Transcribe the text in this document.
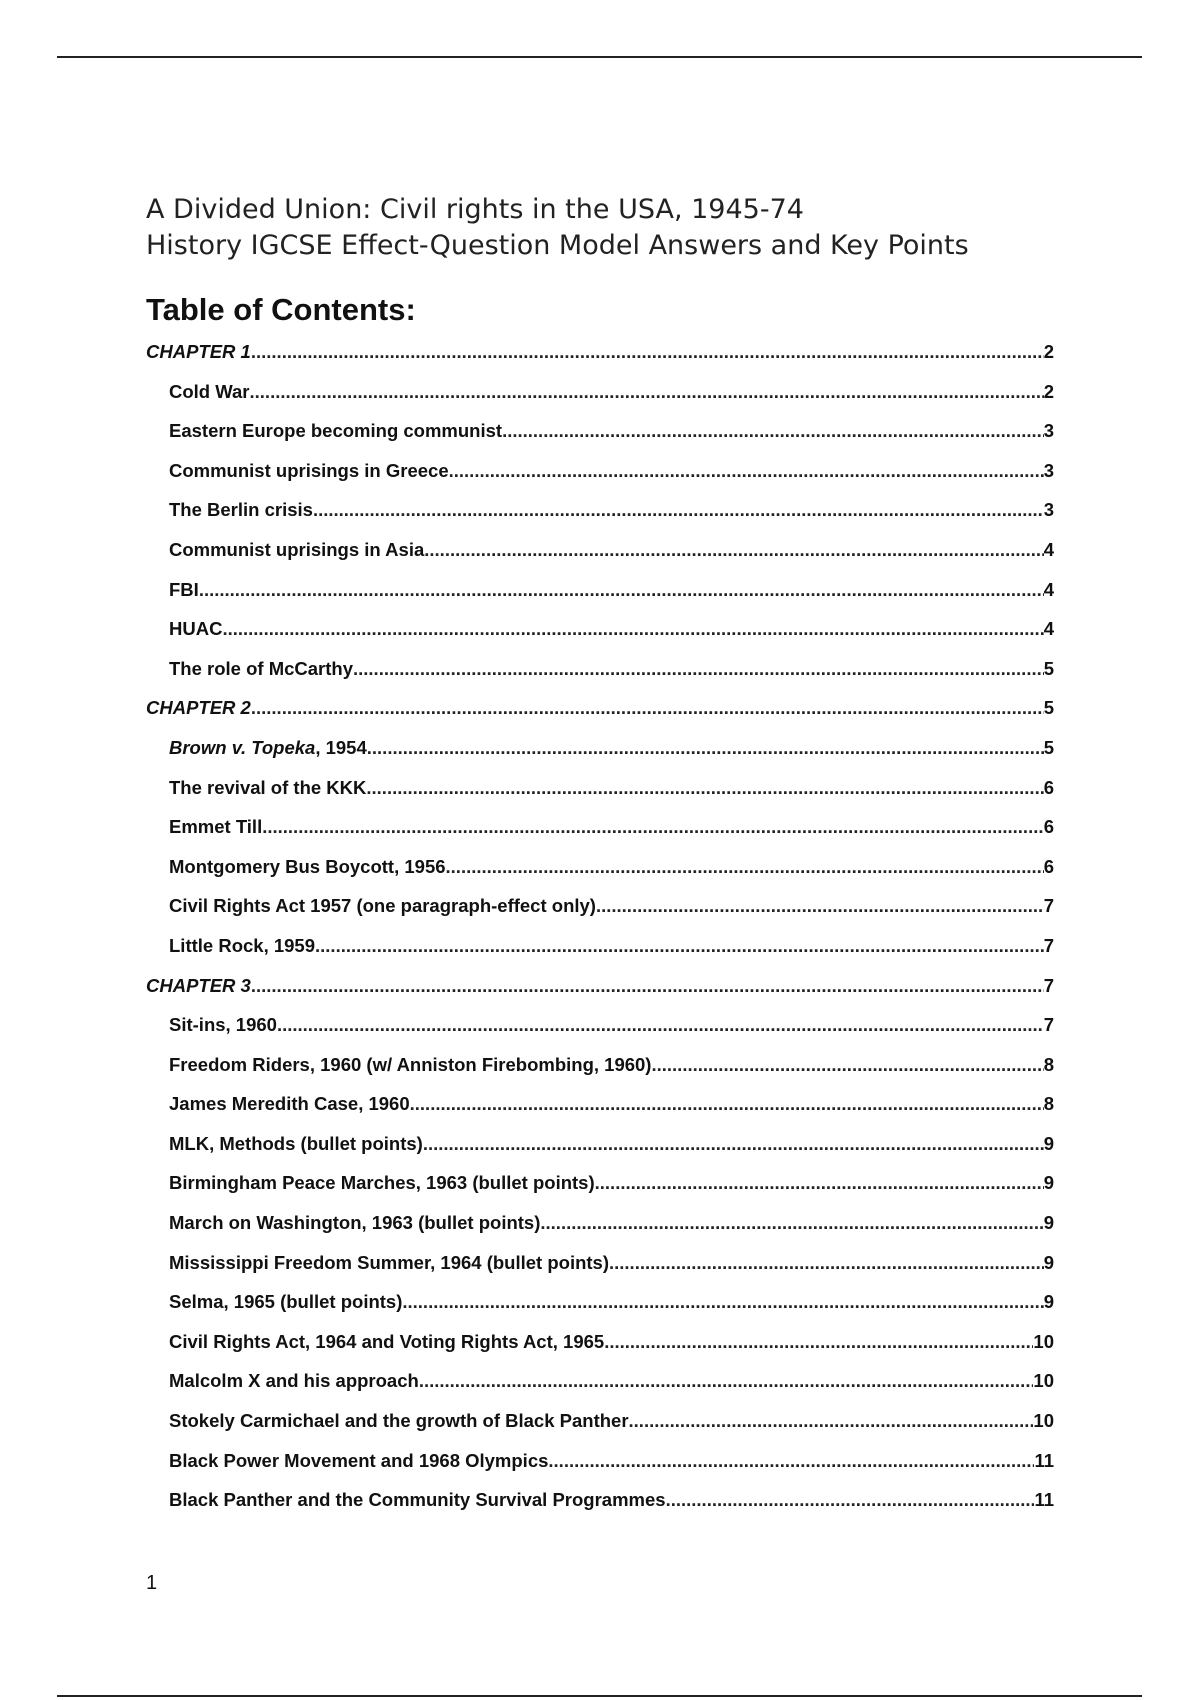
A Divided Union: Civil rights in the USA, 1945-74
History IGCSE Effect-Question Model Answers and Key Points
Table of Contents:
CHAPTER 1 .....	2
Cold War .....	2
Eastern Europe becoming communist .....	3
Communist uprisings in Greece .....	3
The Berlin crisis .....	3
Communist uprisings in Asia .....	4
FBI .....	4
HUAC .....	4
The role of McCarthy .....	5
CHAPTER 2 .....	5
Brown v. Topeka, 1954 .....	5
The revival of the KKK .....	6
Emmet Till .....	6
Montgomery Bus Boycott, 1956 .....	6
Civil Rights Act 1957 (one paragraph-effect only) .....	7
Little Rock, 1959 .....	7
CHAPTER 3 .....	7
Sit-ins, 1960 .....	7
Freedom Riders, 1960 (w/ Anniston Firebombing, 1960) .....	8
James Meredith Case, 1960 .....	8
MLK, Methods (bullet points) .....	9
Birmingham Peace Marches, 1963 (bullet points) .....	9
March on Washington, 1963 (bullet points) .....	9
Mississippi Freedom Summer, 1964 (bullet points) .....	9
Selma, 1965 (bullet points) .....	9
Civil Rights Act, 1964 and Voting Rights Act, 1965 .....	10
Malcolm X and his approach .....	10
Stokely Carmichael and the growth of Black Panther .....	10
Black Power Movement and 1968 Olympics .....	11
Black Panther and the Community Survival Programmes .....	11
1
